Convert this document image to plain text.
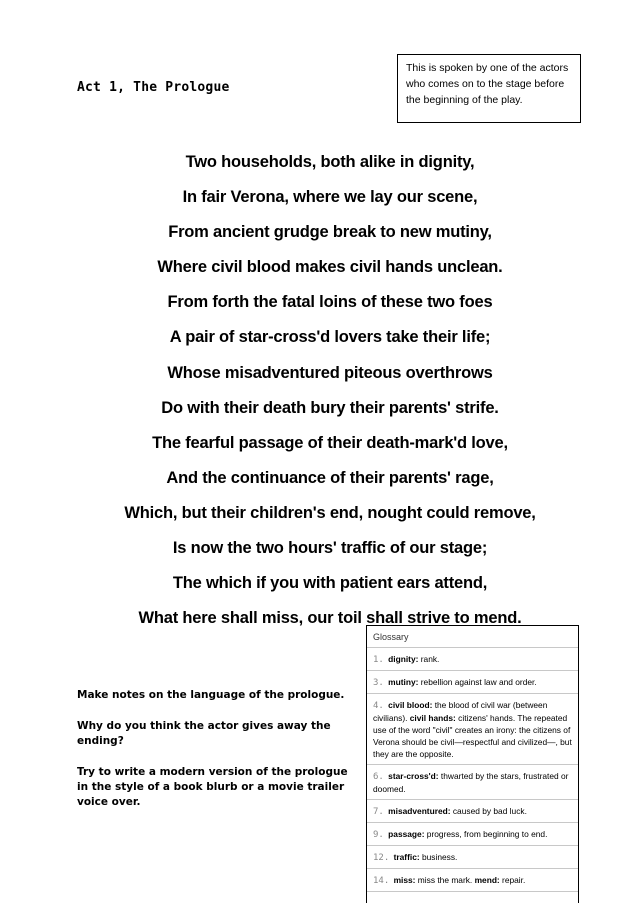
Act 1, The Prologue
This is spoken by one of the actors who comes on to the stage before the beginning of the play.
Two households, both alike in dignity,
In fair Verona, where we lay our scene,
From ancient grudge break to new mutiny,
Where civil blood makes civil hands unclean.
From forth the fatal loins of these two foes
A pair of star-cross'd lovers take their life;
Whose misadventured piteous overthrows
Do with their death bury their parents' strife.
The fearful passage of their death-mark'd love,
And the continuance of their parents' rage,
Which, but their children's end, nought could remove,
Is now the two hours' traffic of our stage;
The which if you with patient ears attend,
What here shall miss, our toil shall strive to mend.
Make notes on the language of the prologue.
Why do you think the actor gives away the ending?
Try to write a modern version of the prologue in the style of a book blurb or a movie trailer voice over.
Glossary
1. dignity: rank.
3. mutiny: rebellion against law and order.
4. civil blood: the blood of civil war (between civilians). civil hands: citizens' hands. The repeated use of the word "civil" creates an irony: the citizens of Verona should be civil—respectful and civilized—, but they are the opposite.
6. star-cross'd: thwarted by the stars, frustrated or doomed.
7. misadventured: caused by bad luck.
9. passage: progress, from beginning to end.
12. traffic: business.
14. miss: miss the mark. mend: repair.
